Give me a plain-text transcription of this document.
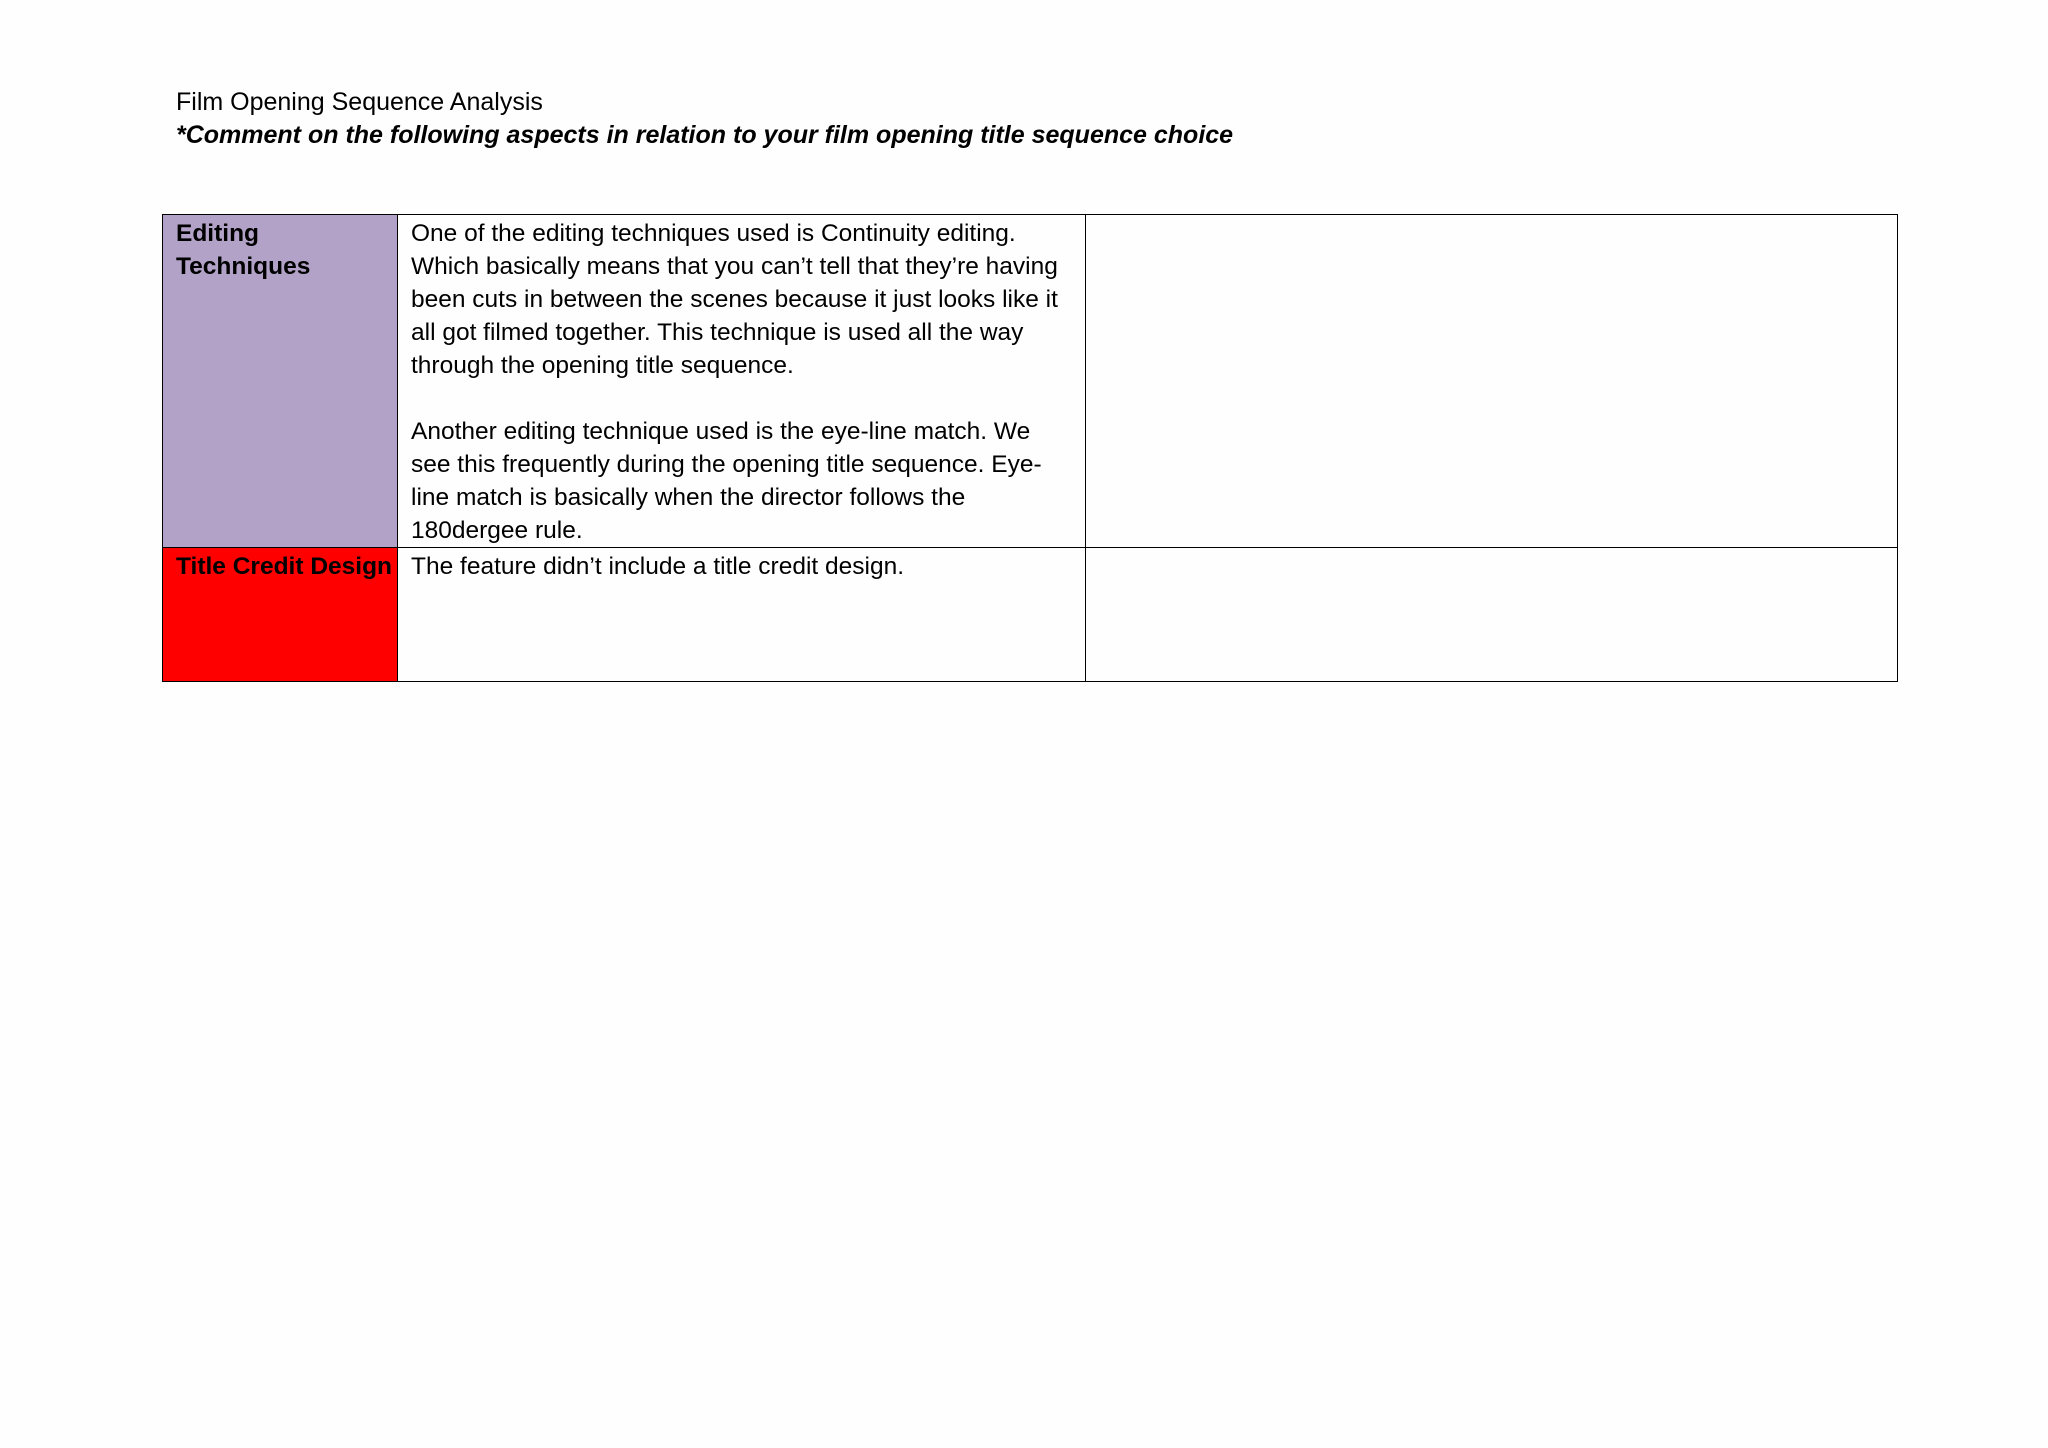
Film Opening Sequence Analysis
*Comment on the following aspects in relation to your film opening title sequence choice
Editing Techniques	One of the editing techniques used is Continuity editing. Which basically means that you can’t tell that they’re having been cuts in between the scenes because it just looks like it all got filmed together. This technique is used all the way through the opening title sequence.

Another editing technique used is the eye-line match. We see this frequently during the opening title sequence. Eye-line match is basically when the director follows the 180dergee rule.	

Title Credit Design	The feature didn’t include a title credit design.	
